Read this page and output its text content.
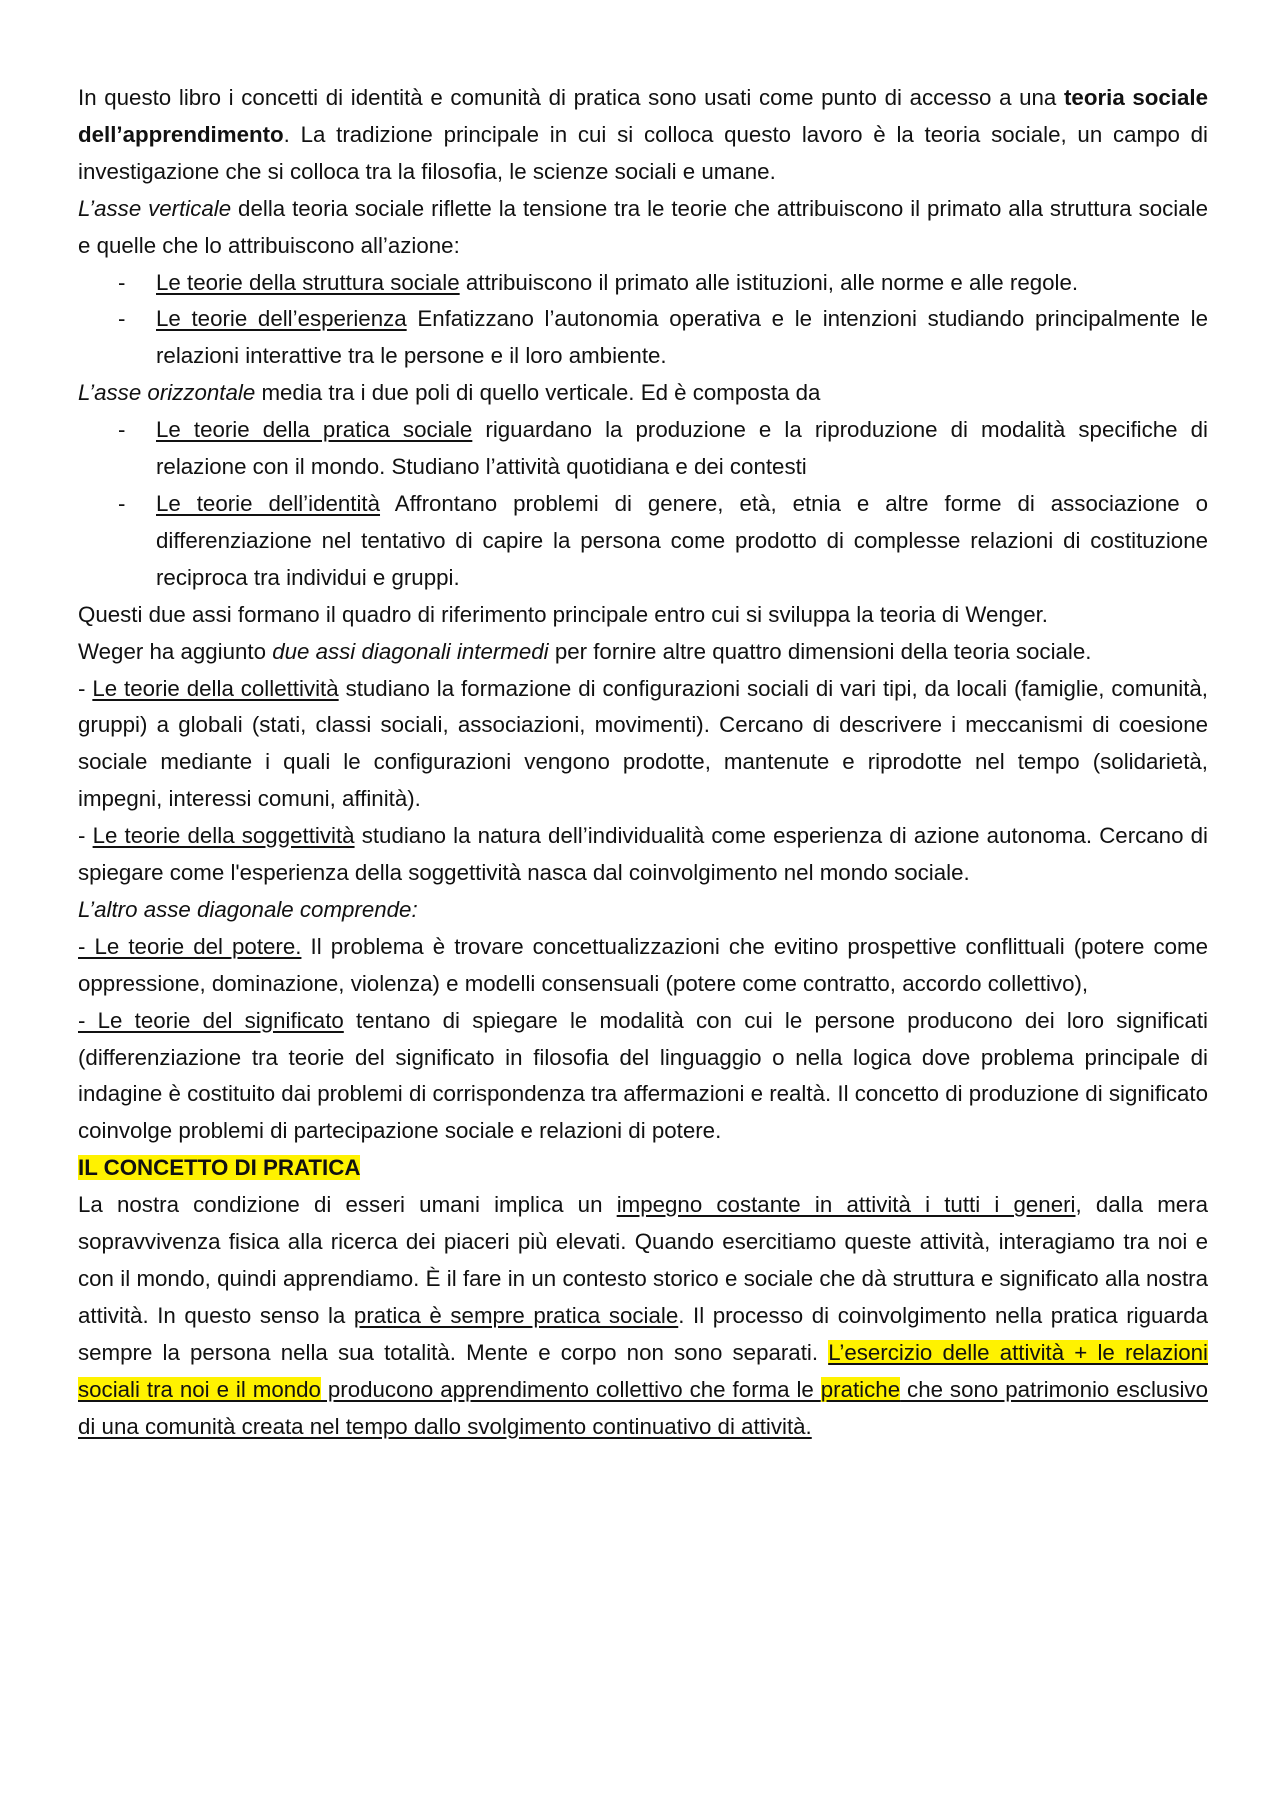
In questo libro i concetti di identità e comunità di pratica sono usati come punto di accesso a una teoria sociale dell’apprendimento. La tradizione principale in cui si colloca questo lavoro è la teoria sociale, un campo di investigazione che si colloca tra la filosofia, le scienze sociali e umane.

L’asse verticale della teoria sociale riflette la tensione tra le teorie che attribuiscono il primato alla struttura sociale e quelle che lo attribuiscono all’azione:

-	Le teorie della struttura sociale attribuiscono il primato alle istituzioni, alle norme e alle regole.
-	Le teorie dell’esperienza Enfatizzano l’autonomia operativa e le intenzioni studiando principalmente le relazioni interattive tra le persone e il loro ambiente.

L’asse orizzontale media tra i due poli di quello verticale. Ed è composta da

-	Le teorie della pratica sociale riguardano la produzione e la riproduzione di modalità specifiche di relazione con il mondo. Studiano l’attività quotidiana e dei contesti
-	Le teorie dell’identità Affrontano problemi di genere, età, etnia e altre forme di associazione o differenziazione nel tentativo di capire la persona come prodotto di complesse relazioni di costituzione reciproca tra individui e gruppi.

Questi due assi formano il quadro di riferimento principale entro cui si sviluppa la teoria di Wenger.

Weger ha aggiunto due assi diagonali intermedi per fornire altre quattro dimensioni della teoria sociale.

- Le teorie della collettività studiano la formazione di configurazioni sociali di vari tipi, da locali (famiglie, comunità, gruppi) a globali (stati, classi sociali, associazioni, movimenti). Cercano di descrivere i meccanismi di coesione sociale mediante i quali le configurazioni vengono prodotte, mantenute e riprodotte nel tempo (solidarietà, impegni, interessi comuni, affinità).

- Le teorie della soggettività studiano la natura dell’individualità come esperienza di azione autonoma. Cercano di spiegare come l'esperienza della soggettività nasca dal coinvolgimento nel mondo sociale.

L’altro asse diagonale comprende:

- Le teorie del potere. Il problema è trovare concettualizzazioni che evitino prospettive conflittuali (potere come oppressione, dominazione, violenza) e modelli consensuali (potere come contratto, accordo collettivo),

- Le teorie del significato tentano di spiegare le modalità con cui le persone producono dei loro significati (differenziazione tra teorie del significato in filosofia del linguaggio o nella logica dove problema principale di indagine è costituito dai problemi di corrispondenza tra affermazioni e realtà. Il concetto di produzione di significato coinvolge problemi di partecipazione sociale e relazioni di potere.

IL CONCETTO DI PRATICA

La nostra condizione di esseri umani implica un impegno costante in attività i tutti i generi, dalla mera sopravvivenza fisica alla ricerca dei piaceri più elevati. Quando esercitiamo queste attività, interagiamo tra noi e con il mondo, quindi apprendiamo. È il fare in un contesto storico e sociale che dà struttura e significato alla nostra attività. In questo senso la pratica è sempre pratica sociale. Il processo di coinvolgimento nella pratica riguarda sempre la persona nella sua totalità. Mente e corpo non sono separati. L’esercizio delle attività + le relazioni sociali tra noi e il mondo producono apprendimento collettivo che forma le pratiche che sono patrimonio esclusivo di una comunità creata nel tempo dallo svolgimento continuativo di attività.
